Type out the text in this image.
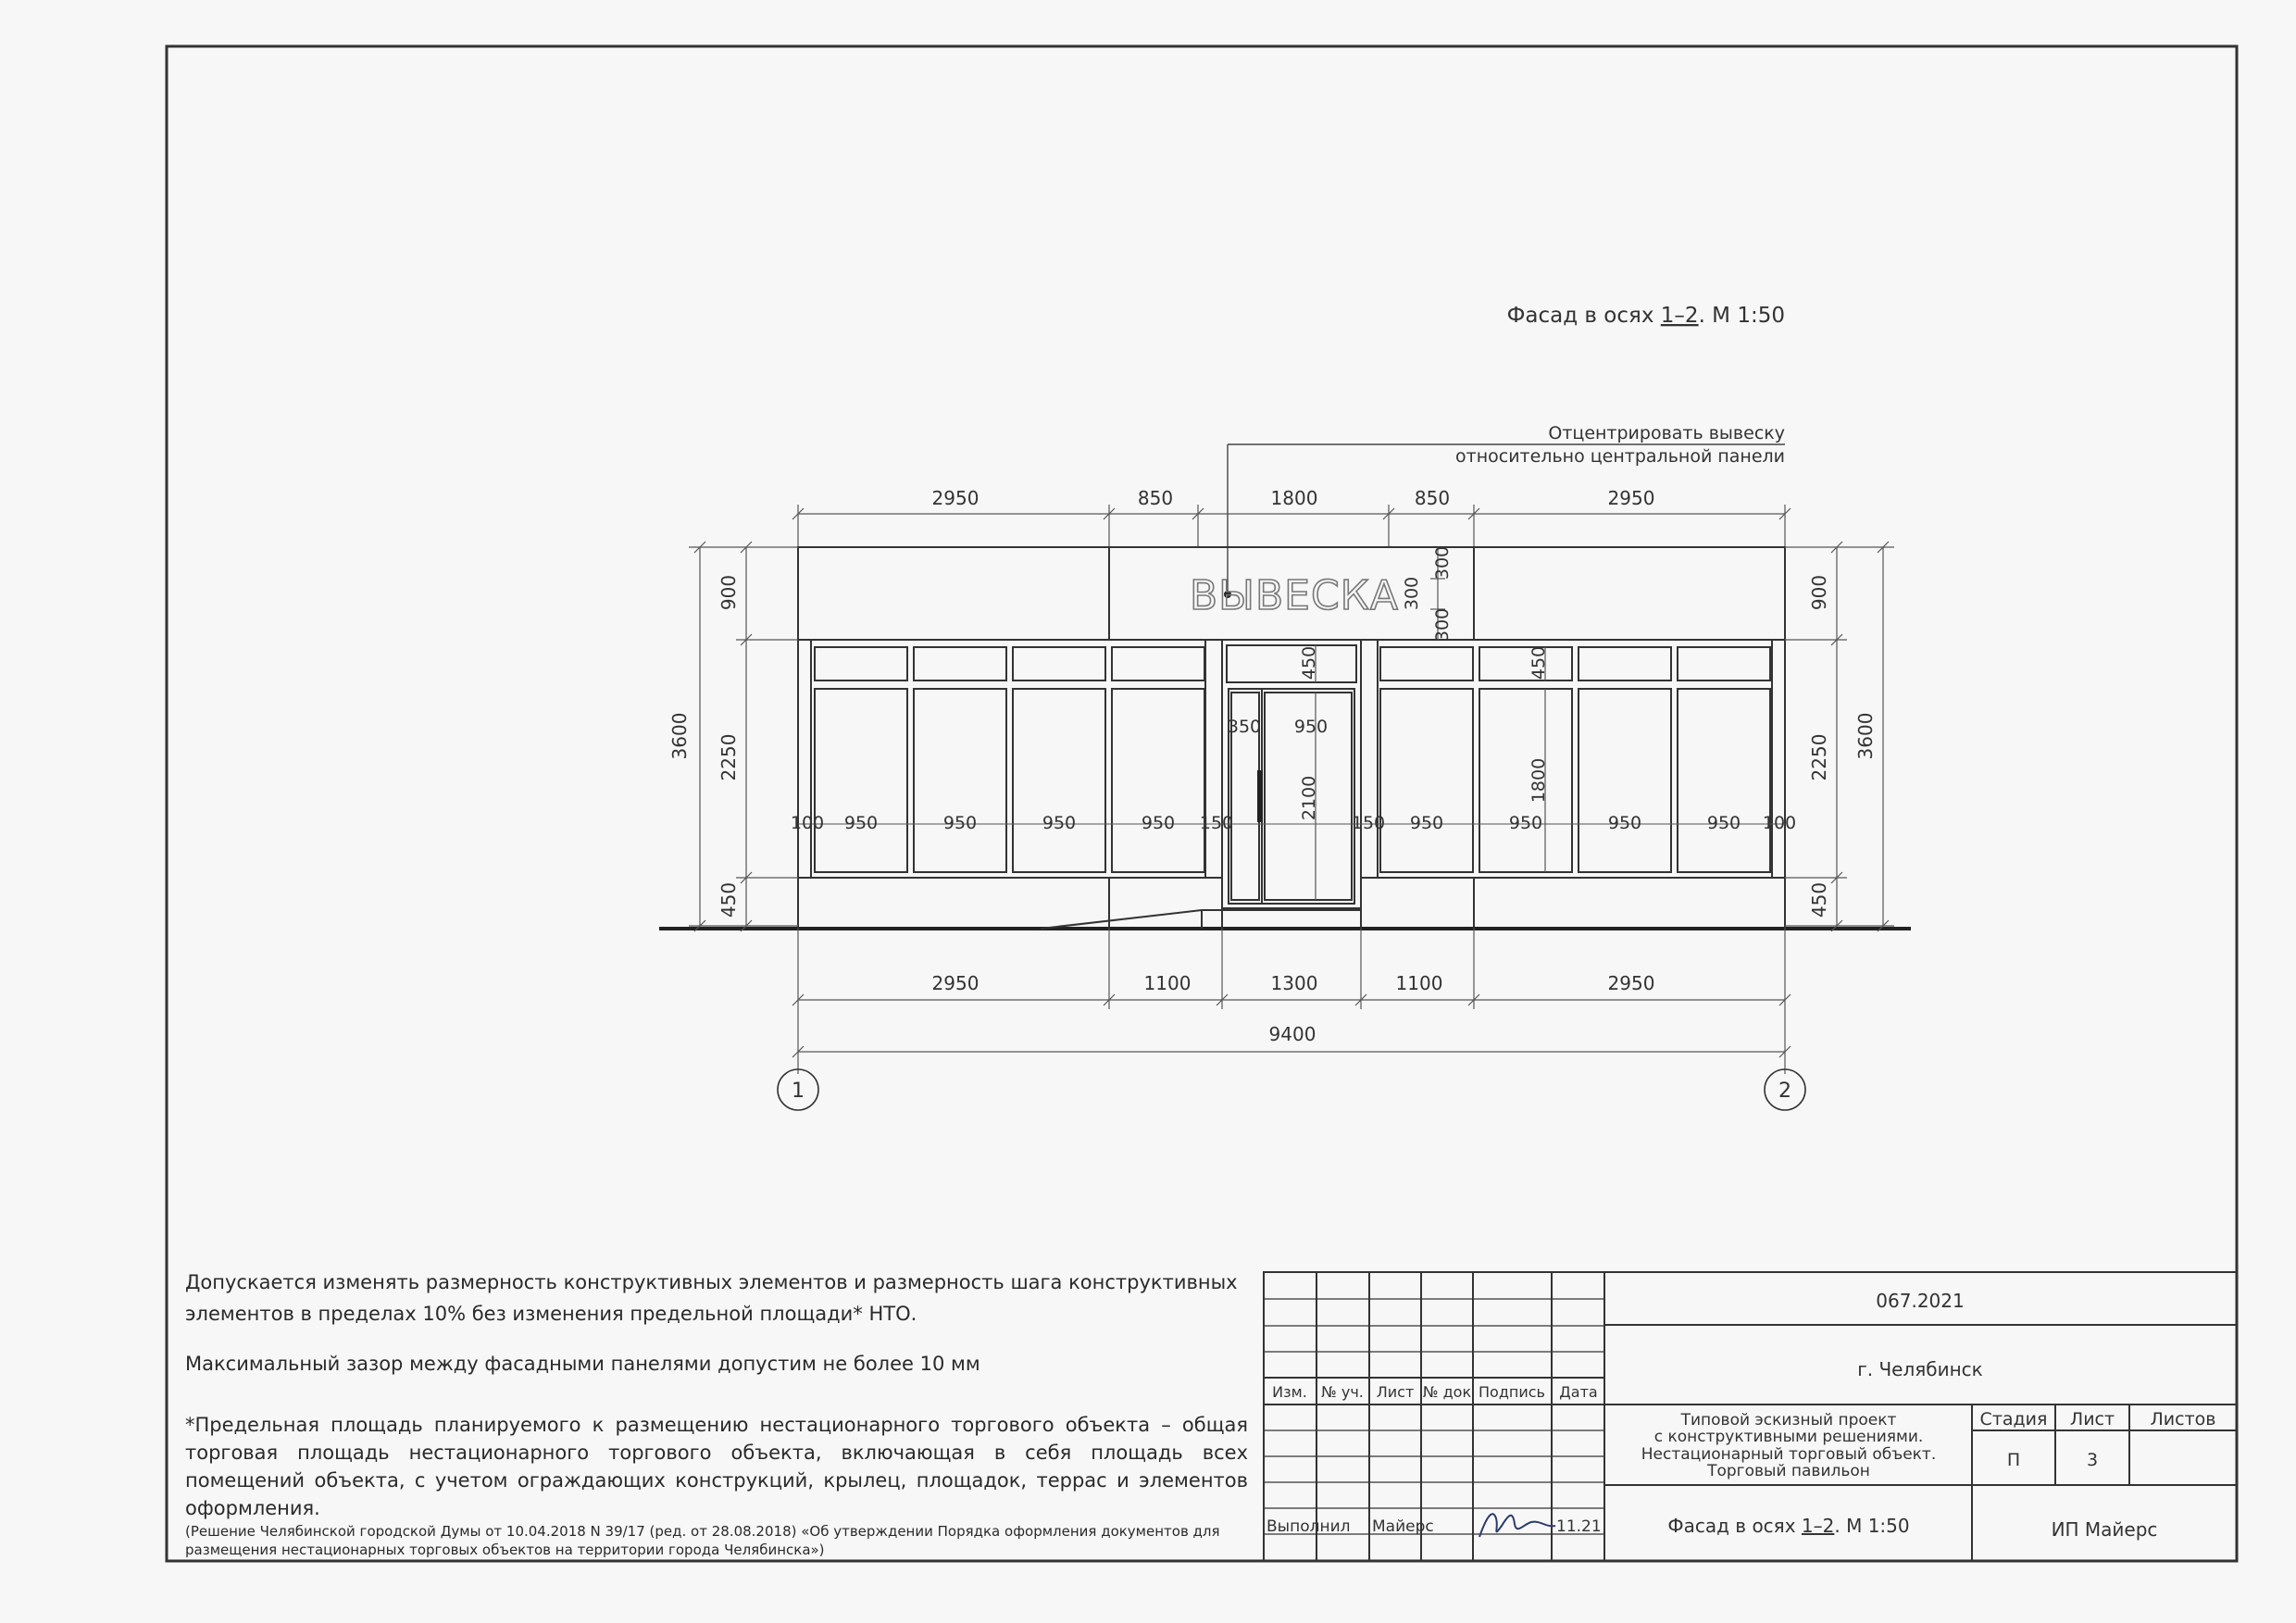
Фасад в осях 1–2. М 1:50
Отцентрировать вывеску
относительно центральной панели
2950	850	1800	850	2950
ВЫВЕСКА
300
300
300
450
2100
450
1800
350 950
100 950	950	950	950 150	150 950	950	950	950 100
3600
900
2250
450
900
2250
450
3600
2950	1100	1300	1100	2950
9400
1	2
Изм. № уч. Лист № док Подпись Дата
067.2021
г. Челябинск
Типовой эскизный проект
с конструктивными решениями.
Нестационарный торговый объект.
Торговый павильон
Стадия Лист Листов
П	3
Фасад в осях 1–2. М 1:50	ИП Майерс
Выполнил Майерс	11.21

Допускается изменять размерность конструктивных элементов и размерность шага конструктивных элементов в пределах 10% без изменения предельной площади* НТО.

Максимальный зазор между фасадными панелями допустим не более 10 мм

*Предельная площадь планируемого к размещению нестационарного торгового объекта – общая торговая площадь нестационарного торгового объекта, включающая в себя площадь всех помещений объекта, с учетом ограждающих конструкций, крылец, площадок, террас и элементов оформления.

(Решение Челябинской городской Думы от 10.04.2018 N 39/17 (ред. от 28.08.2018) «Об утверждении Порядка оформления документов для размещения нестационарных торговых объектов на территории города Челябинска»)
